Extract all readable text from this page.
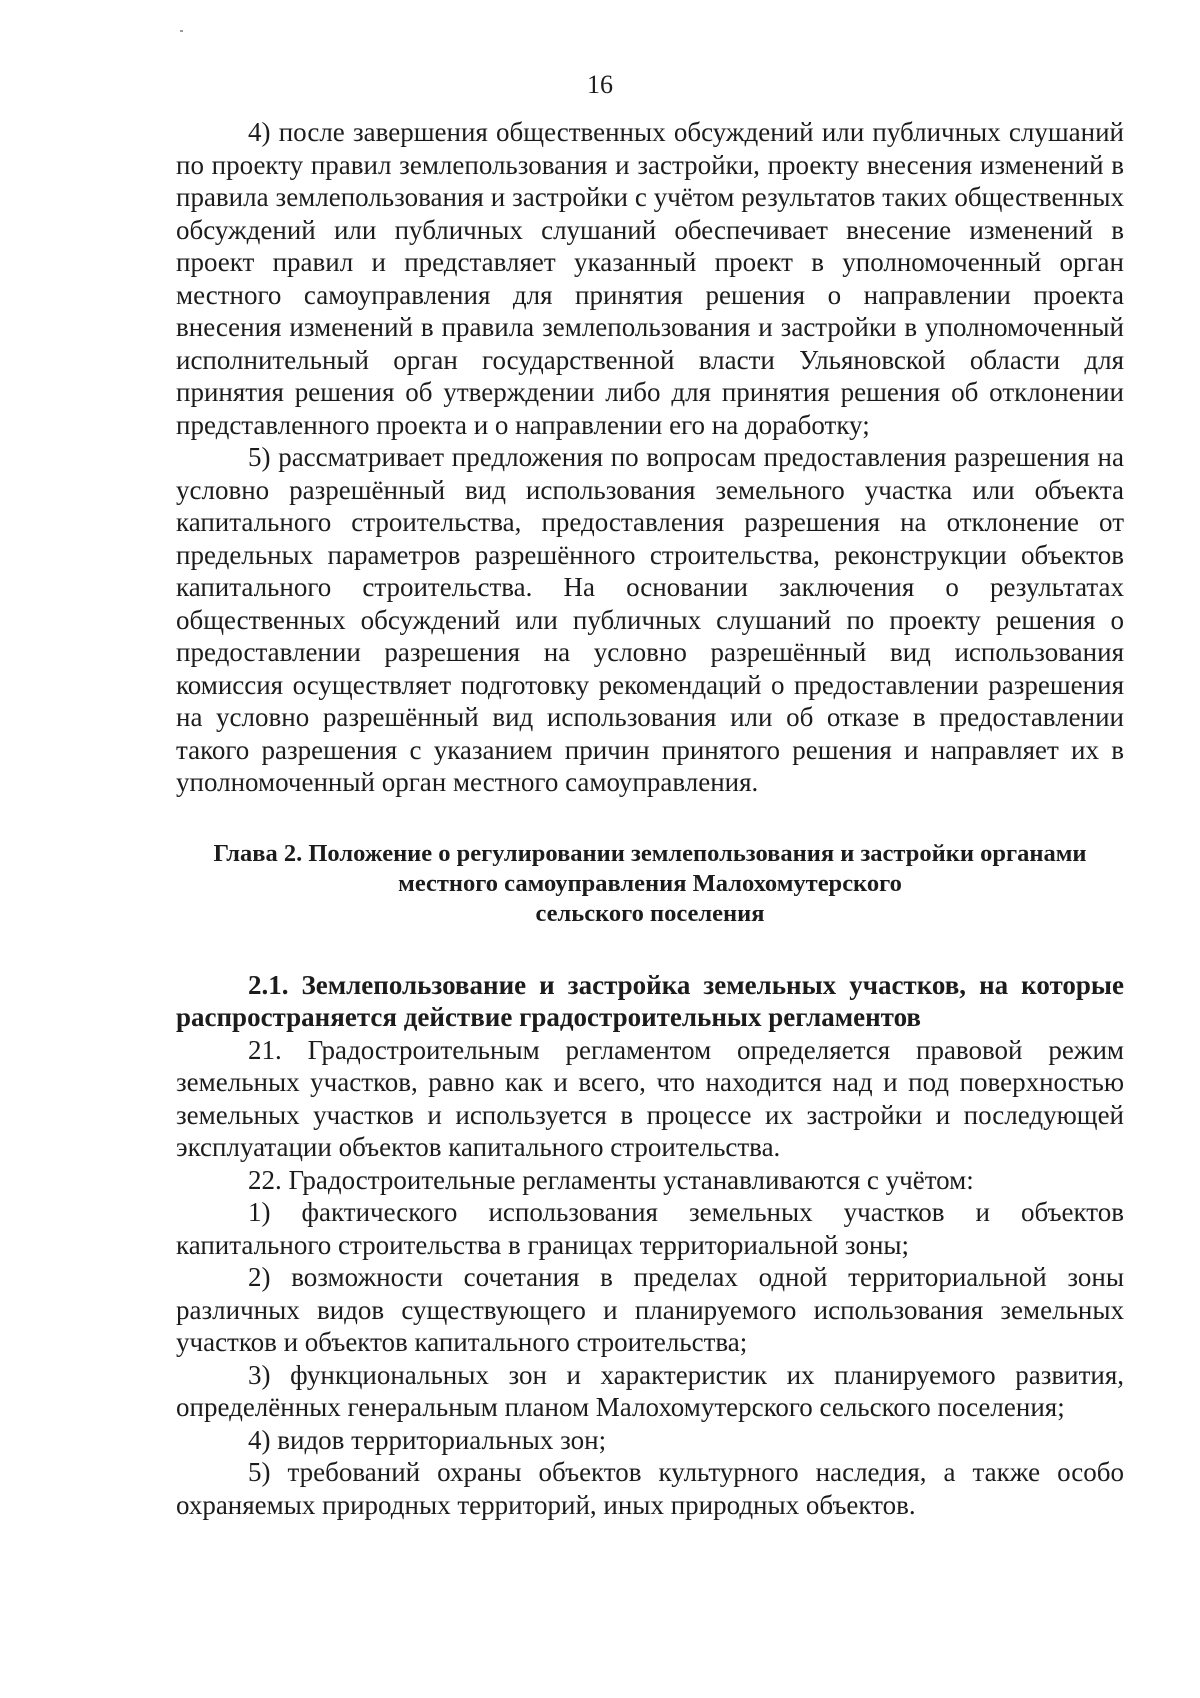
16

4) после завершения общественных обсуждений или публичных слушаний по проекту правил землепользования и застройки, проекту внесения изменений в правила землепользования и застройки с учётом результатов таких общественных обсуждений или публичных слушаний обеспечивает внесение изменений в проект правил и представляет указанный проект в уполномоченный орган местного самоуправления для принятия решения о направлении проекта внесения изменений в правила землепользования и застройки в уполномоченный исполнительный орган государственной власти Ульяновской области для принятия решения об утверждении либо для принятия решения об отклонении представленного проекта и о направлении его на доработку;

5) рассматривает предложения по вопросам предоставления разрешения на условно разрешённый вид использования земельного участка или объекта капитального строительства, предоставления разрешения на отклонение от предельных параметров разрешённого строительства, реконструкции объектов капитального строительства. На основании заключения о результатах общественных обсуждений или публичных слушаний по проекту решения о предоставлении разрешения на условно разрешённый вид использования комиссия осуществляет подготовку рекомендаций о предоставлении разрешения на условно разрешённый вид использования или об отказе в предоставлении такого разрешения с указанием причин принятого решения и направляет их в уполномоченный орган местного самоуправления.

Глава 2. Положение о регулировании землепользования и застройки органами
местного самоуправления Малохомутерского
сельского поселения

2.1. Землепользование и застройка земельных участков, на которые распространяется действие градостроительных регламентов

21. Градостроительным регламентом определяется правовой режим земельных участков, равно как и всего, что находится над и под поверхностью земельных участков и используется в процессе их застройки и последующей эксплуатации объектов капитального строительства.

22. Градостроительные регламенты устанавливаются с учётом:

1) фактического использования земельных участков и объектов капитального строительства в границах территориальной зоны;

2) возможности сочетания в пределах одной территориальной зоны различных видов существующего и планируемого использования земельных участков и объектов капитального строительства;

3) функциональных зон и характеристик их планируемого развития, определённых генеральным планом Малохомутерского сельского поселения;

4) видов территориальных зон;

5) требований охраны объектов культурного наследия, а также особо охраняемых природных территорий, иных природных объектов.
